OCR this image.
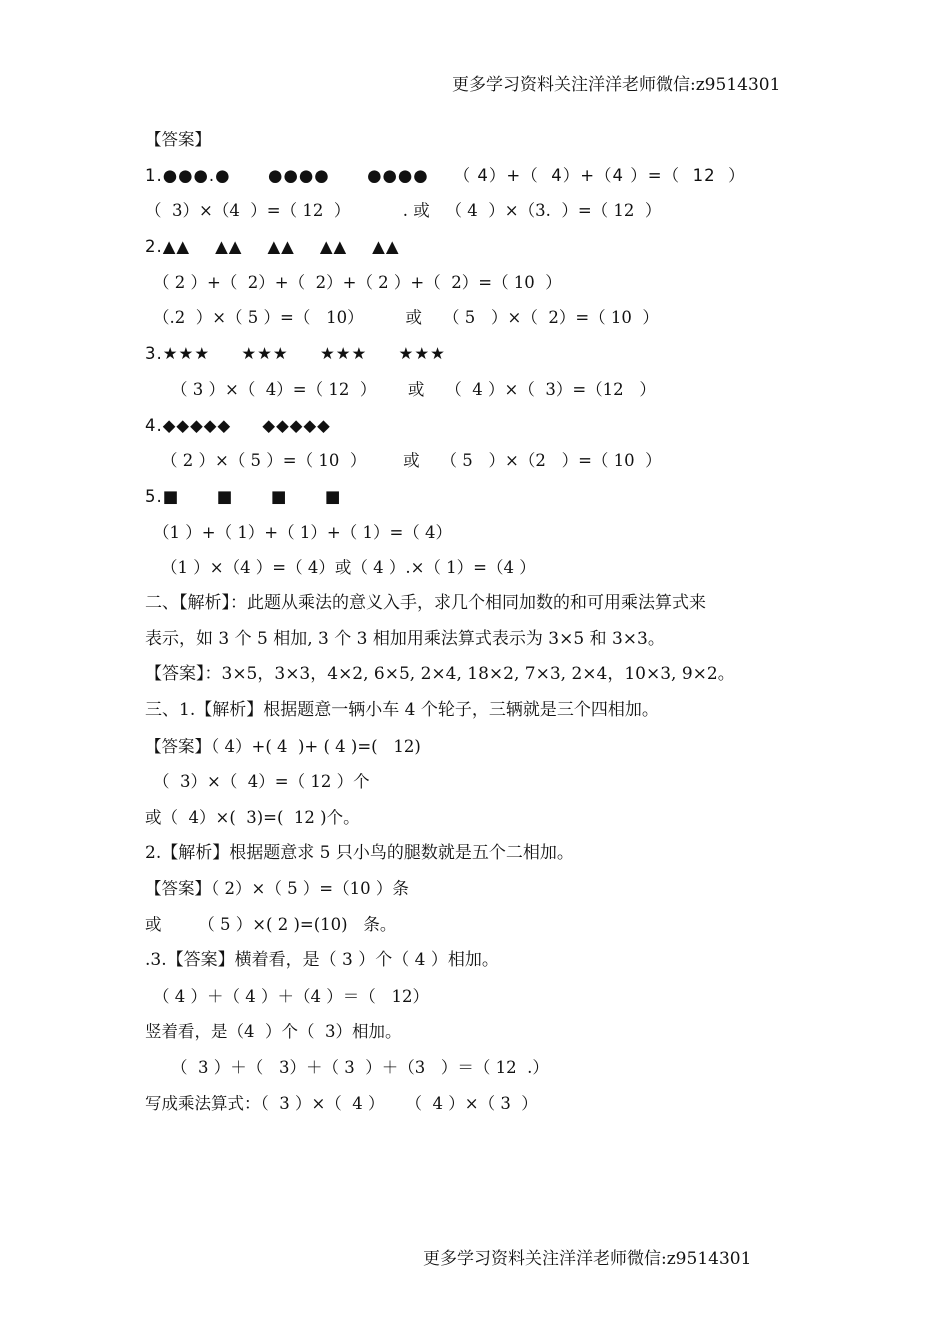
更多学习资料关注洋洋老师微信:z9514301
【答案】
1.●●●.●      ●●●●      ●●●●    （ 4）+（  4）+（4 ）=（  12  ）
（  3）×（4  ）=（ 12  ）          . 或   （ 4  ）×（3.  ）=（ 12  ）
2.▲▲    ▲▲    ▲▲    ▲▲    ▲▲
（ 2 ）+（  2）+（  2）+（ 2 ）+（  2）=（ 10  ）
（.2  ）×（ 5 ）=（   10）        或    （ 5   ）×（  2）=（ 10  ）
3.★★★     ★★★     ★★★     ★★★
（ 3 ）×（  4）=（ 12  ）      或    （  4 ）×（  3）=（12   ）
4.◆◆◆◆◆     ◆◆◆◆◆
（ 2 ）×（ 5 ）=（ 10  ）       或    （ 5   ）×（2   ）=（ 10  ）
5.■      ■      ■      ■
（1 ）+（ 1）+（ 1）+（ 1）=（ 4）
（1 ）×（4 ）=（ 4）或（ 4 ）.×（ 1）=（4 ）
二、【解析】：此题从乘法的意义入手，求几个相同加数的和可用乘法算式来
表示，如 3 个 5 相加, 3 个 3 相加用乘法算式表示为 3×5 和 3×3。
【答案】：3×5，3×3，4×2, 6×5, 2×4, 18×2, 7×3, 2×4，10×3, 9×2。
三、1.【解析】根据题意一辆小车 4 个轮子，三辆就是三个四相加。
【答案】（ 4）+( 4  )+ ( 4 )=(   12)
（  3）×（  4）=（ 12 ）个
或（  4）×(  3)=(  12 )个。
2.【解析】根据题意求 5 只小鸟的腿数就是五个二相加。
【答案】（ 2）×（ 5 ）=（10 ）条
或       （ 5 ）×( 2 )=(10)   条。
.3.【答案】横着看，是（ 3 ）个（ 4 ）相加。
（ 4 ）＋（ 4 ）＋（4 ）＝（   12）
竖着看，是（4  ）个（  3）相加。
（  3 ）＋（   3）＋（ 3  ）＋（3   ）＝（ 12  .）
写成乘法算式：（  3 ）×（  4 ）    （  4 ）×（ 3  ）
更多学习资料关注洋洋老师微信:z9514301
